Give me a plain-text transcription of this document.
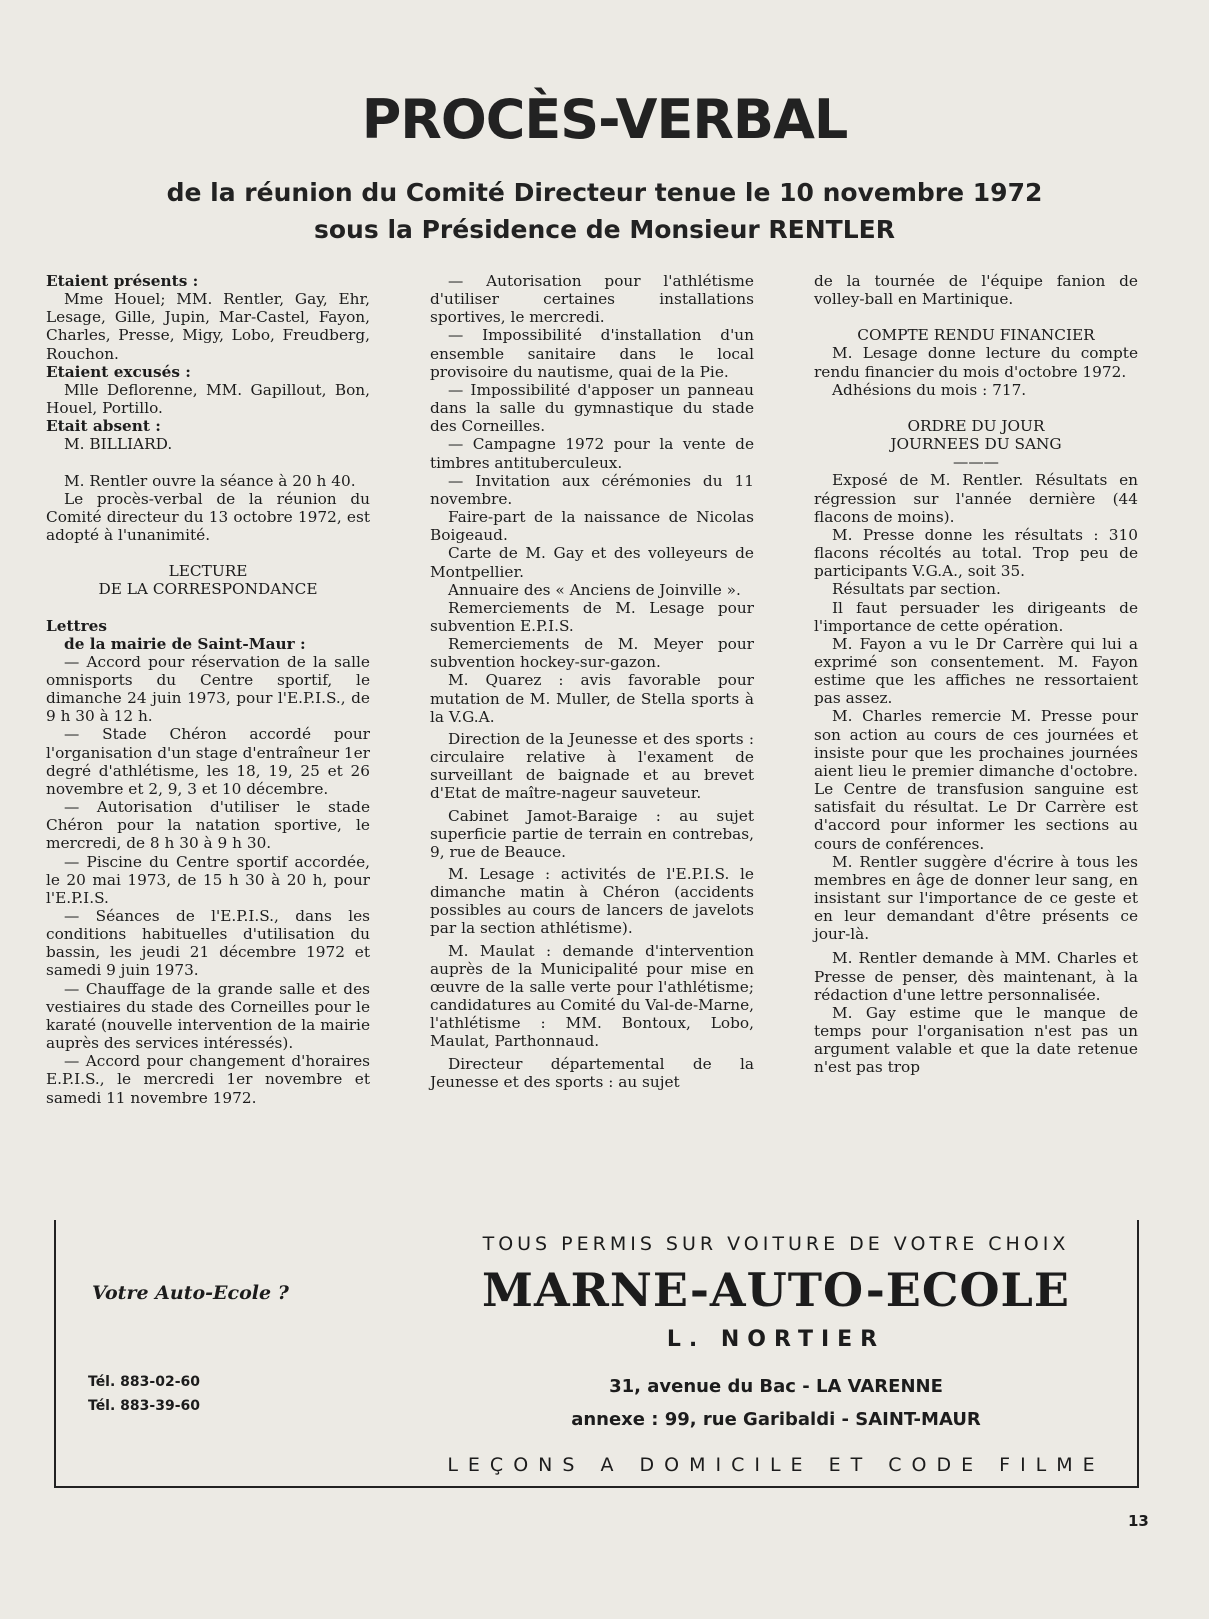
PROCÈS-VERBAL
de la réunion du Comité Directeur tenue le 10 novembre 1972
sous la Présidence de Monsieur RENTLER

Etaient présents :

Mme Houel; MM. Rentler, Gay, Ehr, Lesage, Gille, Jupin, Mar-Castel, Fayon, Charles, Presse, Migy, Lobo, Freudberg, Rouchon.

Etaient excusés :

Mlle Deflorenne, MM. Gapillout, Bon, Houel, Portillo.

Etait absent :

M. BILLIARD.

M. Rentler ouvre la séance à 20 h 40.

Le procès-verbal de la réunion du Comité directeur du 13 octobre 1972, est adopté à l'unanimité.

LECTURE

DE LA CORRESPONDANCE

Lettres

de la mairie de Saint-Maur :

— Accord pour réservation de la salle omnisports du Centre sportif, le dimanche 24 juin 1973, pour l'E.P.I.S., de 9 h 30 à 12 h.

— Stade Chéron accordé pour l'organisation d'un stage d'entraîneur 1er degré d'athlétisme, les 18, 19, 25 et 26 novembre et 2, 9, 3 et 10 décembre.

— Autorisation d'utiliser le stade Chéron pour la natation sportive, le mercredi, de 8 h 30 à 9 h 30.

— Piscine du Centre sportif accordée, le 20 mai 1973, de 15 h 30 à 20 h, pour l'E.P.I.S.

— Séances de l'E.P.I.S., dans les conditions habituelles d'utilisation du bassin, les jeudi 21 décembre 1972 et samedi 9 juin 1973.

— Chauffage de la grande salle et des vestiaires du stade des Corneilles pour le karaté (nouvelle intervention de la mairie auprès des services intéressés).

— Accord pour changement d'horaires E.P.I.S., le mercredi 1er novembre et samedi 11 novembre 1972.

— Autorisation pour l'athlétisme d'utiliser certaines installations sportives, le mercredi.

— Impossibilité d'installation d'un ensemble sanitaire dans le local provisoire du nautisme, quai de la Pie.

— Impossibilité d'apposer un panneau dans la salle du gymnastique du stade des Corneilles.

— Campagne 1972 pour la vente de timbres antituberculeux.

— Invitation aux cérémonies du 11 novembre.

Faire-part de la naissance de Nicolas Boigeaud.

Carte de M. Gay et des volleyeurs de Montpellier.

Annuaire des « Anciens de Joinville ».

Remerciements de M. Lesage pour subvention E.P.I.S.

Remerciements de M. Meyer pour subvention hockey-sur-gazon.

M. Quarez : avis favorable pour mutation de M. Muller, de Stella sports à la V.G.A.

Direction de la Jeunesse et des sports : circulaire relative à l'exament de surveillant de baignade et au brevet d'Etat de maître-nageur sauveteur.

Cabinet Jamot-Baraige : au sujet superficie partie de terrain en contrebas, 9, rue de Beauce.

M. Lesage : activités de l'E.P.I.S. le dimanche matin à Chéron (accidents possibles au cours de lancers de javelots par la section athlétisme).

M. Maulat : demande d'intervention auprès de la Municipalité pour mise en œuvre de la salle verte pour l'athlétisme; candidatures au Comité du Val-de-Marne, l'athlétisme : MM. Bontoux, Lobo, Maulat, Parthonnaud.

Directeur départemental de la Jeunesse et des sports : au sujet

de la tournée de l'équipe fanion de volley-ball en Martinique.

COMPTE RENDU FINANCIER

M. Lesage donne lecture du compte rendu financier du mois d'octobre 1972.

Adhésions du mois : 717.

ORDRE DU JOUR

JOURNEES DU SANG

———

Exposé de M. Rentler. Résultats en régression sur l'année dernière (44 flacons de moins).

M. Presse donne les résultats : 310 flacons récoltés au total. Trop peu de participants V.G.A., soit 35.

Résultats par section.

Il faut persuader les dirigeants de l'importance de cette opération.

M. Fayon a vu le Dr Carrère qui lui a exprimé son consentement. M. Fayon estime que les affiches ne ressortaient pas assez.

M. Charles remercie M. Presse pour son action au cours de ces journées et insiste pour que les prochaines journées aient lieu le premier dimanche d'octobre. Le Centre de transfusion sanguine est satisfait du résultat. Le Dr Carrère est d'accord pour informer les sections au cours de conférences.

M. Rentler suggère d'écrire à tous les membres en âge de donner leur sang, en insistant sur l'importance de ce geste et en leur demandant d'être présents ce jour-là.

M. Rentler demande à MM. Charles et Presse de penser, dès maintenant, à la rédaction d'une lettre personnalisée.

M. Gay estime que le manque de temps pour l'organisation n'est pas un argument valable et que la date retenue n'est pas trop

Votre Auto-Ecole ?
Tél. 883-02-60
Tél. 883-39-60
TOUS PERMIS SUR VOITURE DE VOTRE CHOIX
MARNE-AUTO-ECOLE
L. NORTIER
31, avenue du Bac - LA VARENNE
annexe : 99, rue Garibaldi - SAINT-MAUR
LEÇONS A DOMICILE ET CODE FILME
13
